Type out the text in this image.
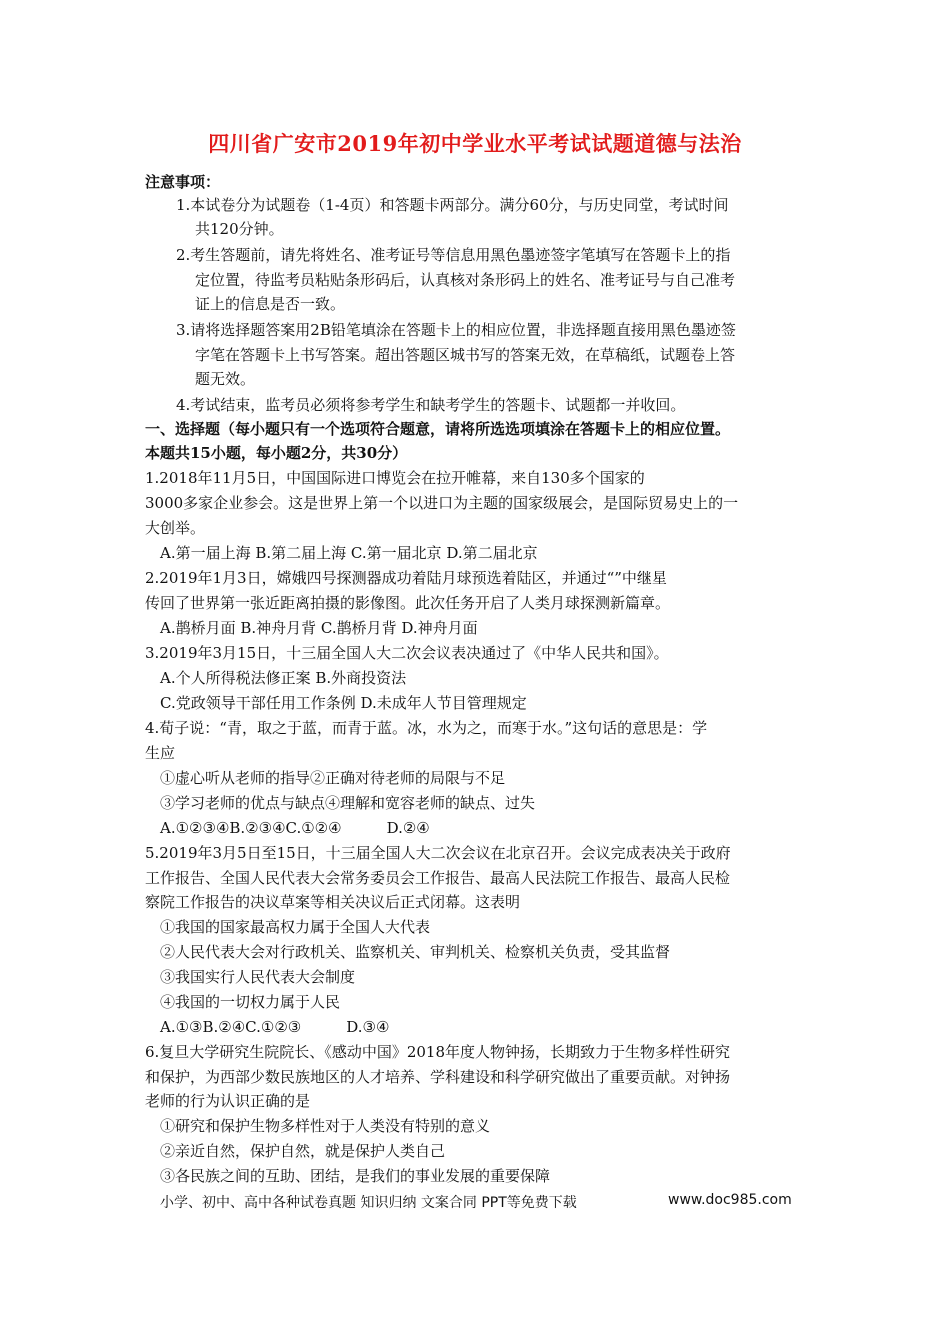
四川省广安市2019年初中学业水平考试试题道德与法治
注意事项：
1.本试卷分为试题卷（1-4页）和答题卡两部分。满分60分，与历史同堂，考试时间
共120分钟。
2.考生答题前，请先将姓名、准考证号等信息用黑色墨迹签字笔填写在答题卡上的指
定位置，待监考员粘贴条形码后，认真核对条形码上的姓名、准考证号与自己准考
证上的信息是否一致。
3.请将选择题答案用2B铅笔填涂在答题卡上的相应位置，非选择题直接用黑色墨迹签
字笔在答题卡上书写答案。超出答题区城书写的答案无效，在草稿纸，试题卷上答
题无效。
4.考试结束，监考员必须将参考学生和缺考学生的答题卡、试题都一并收回。
一、选择题（每小题只有一个选项符合题意，请将所选选项填涂在答题卡上的相应位置。
本题共15小题，每小题2分，共30分）
1.2018年11月5日，中国国际进口博览会在拉开帷幕，来自130多个国家的
3000多家企业参会。这是世界上第一个以进口为主题的国家级展会，是国际贸易史上的一
大创举。
A.第一届上海 B.第二届上海 C.第一届北京 D.第二届北京
2.2019年1月3日，嫦娥四号探测器成功着陆月球预选着陆区，并通过“”中继星
传回了世界第一张近距离拍摄的影像图。此次任务开启了人类月球探测新篇章。
A.鹊桥月面 B.神舟月背 C.鹊桥月背 D.神舟月面
3.2019年3月15日，十三届全国人大二次会议表决通过了《中华人民共和国》。
A.个人所得税法修正案 B.外商投资法
C.党政领导干部任用工作条例 D.未成年人节目管理规定
4.荀子说：“青，取之于蓝，而青于蓝。冰，水为之，而寒于水。”这句话的意思是：学
生应
①虚心听从老师的指导②正确对待老师的局限与不足
③学习老师的优点与缺点④理解和宽容老师的缺点、过失
A.①②③④B.②③④C.①②④　　　D.②④
5.2019年3月5日至15日，十三届全国人大二次会议在北京召开。会议完成表决关于政府
工作报告、全国人民代表大会常务委员会工作报告、最高人民法院工作报告、最高人民检
察院工作报告的决议草案等相关决议后正式闭幕。这表明
①我国的国家最高权力属于全国人大代表
②人民代表大会对行政机关、监察机关、审判机关、检察机关负责，受其监督
③我国实行人民代表大会制度
④我国的一切权力属于人民
A.①③B.②④C.①②③　　　D.③④
6.复旦大学研究生院院长、《感动中国》2018年度人物钟扬，长期致力于生物多样性研究
和保护，为西部少数民族地区的人才培养、学科建设和科学研究做出了重要贡献。对钟扬
老师的行为认识正确的是
①研究和保护生物多样性对于人类没有特别的意义
②亲近自然，保护自然，就是保护人类自己
③各民族之间的互助、团结，是我们的事业发展的重要保障
小学、初中、高中各种试卷真题 知识归纳 文案合同 PPT等免费下载	www.doc985.com
